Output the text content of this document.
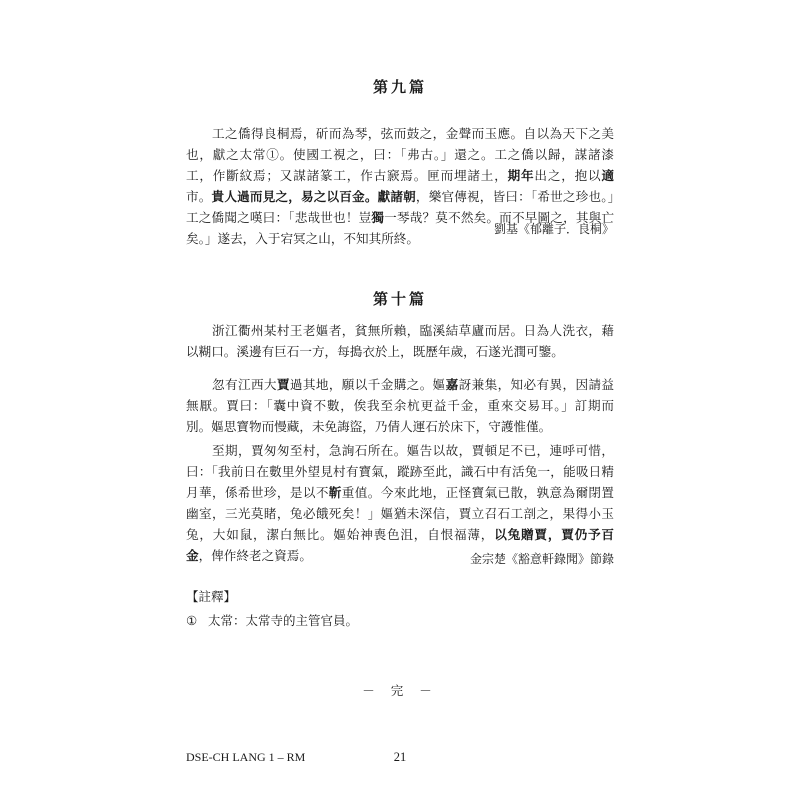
第九篇

工之僑得良桐焉，斫而為琴，弦而鼓之，金聲而玉應。自以為天下之美也，獻之太常①。使國工視之，曰：「弗古。」還之。工之僑以歸，謀諸漆工，作斷紋焉；又謀諸篆工，作古窾焉。匣而埋諸土，期年出之，抱以適市。貴人過而見之，易之以百金。獻諸朝，樂官傳視，皆曰：「希世之珍也。」工之僑聞之嘆曰：「悲哉世也！豈獨一琴哉？莫不然矣。而不早圖之，其與亡矣。」遂去，入于宕冥之山，不知其所終。

劉基《郁離子．良桐》
第十篇

浙江衢州某村王老嫗者，貧無所賴，臨溪結草廬而居。日為人洗衣，藉以糊口。溪邊有巨石一方，每搗衣於上，既歷年歲，石遂光潤可鑒。

忽有江西大賈過其地，願以千金購之。嫗嘉訝兼集，知必有異，因請益無厭。賈曰：「囊中資不數，俟我至余杭更益千金，重來交易耳。」訂期而別。嫗思寶物而慢藏，未免誨盜，乃倩人運石於床下，守護惟僅。

至期，賈匆匆至村，急詢石所在。嫗告以故，賈頓足不已，連呼可惜，曰：「我前日在數里外望見村有寶氣，蹤跡至此，識石中有活兔一，能吸日精月華，係希世珍，是以不靳重值。今來此地，正怪寶氣已散，孰意為爾閉置幽室，三光莫睹，兔必餓死矣！」嫗猶未深信，賈立召石工剖之，果得小玉兔，大如鼠，潔白無比。嫗始神喪色沮，自恨福薄，以兔贈賈，賈仍予百金，俾作終老之資焉。	金宗楚《豁意軒錄聞》節錄
【註釋】
① 太常：太常寺的主管官員。
－ 完 －
DSE-CH LANG 1 – RM	21
